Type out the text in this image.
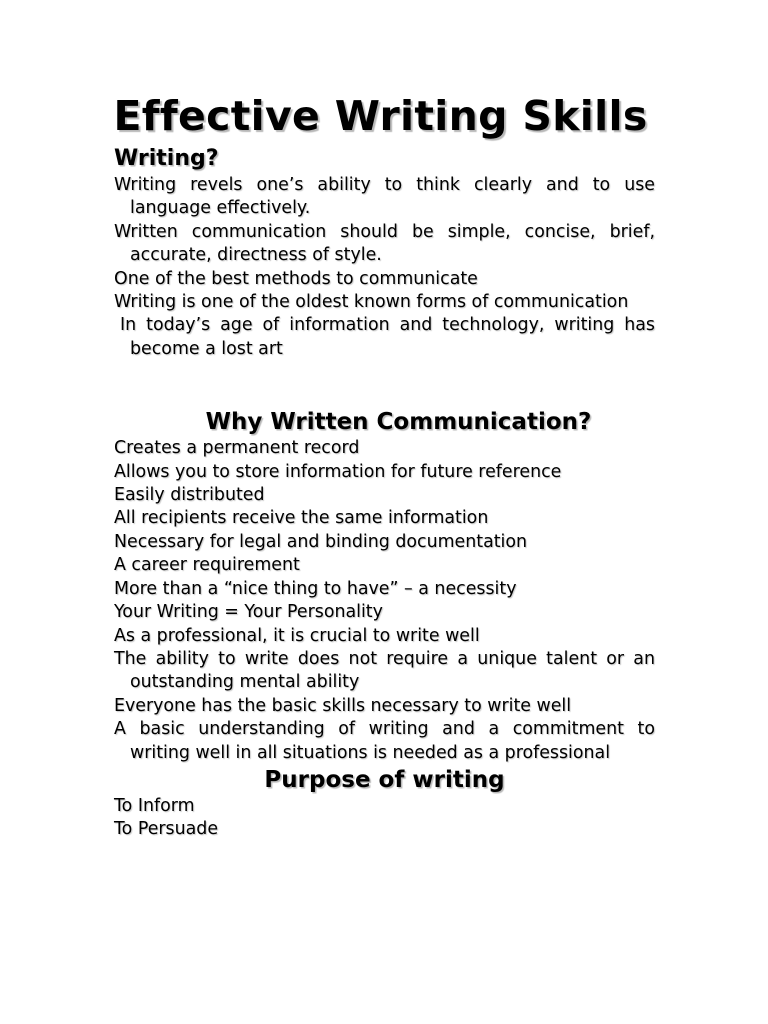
Effective Writing Skills
Writing?

Writing revels one’s ability to think clearly and to use language effectively.

Written communication should be simple, concise, brief, accurate, directness of style.

One of the best methods to communicate

Writing is one of the oldest known forms of communication

In today’s age of information and technology, writing has become a lost art

Why Written Communication?

Creates a permanent record

Allows you to store information for future reference

Easily distributed

All recipients receive the same information

Necessary for legal and binding documentation

A career requirement

More than a “nice thing to have” – a necessity

Your Writing = Your Personality

As a professional, it is crucial to write well

The ability to write does not require a unique talent or an outstanding mental ability

Everyone has the basic skills necessary to write well

A basic understanding of writing and a commitment to writing well in all situations is needed as a professional

Purpose of writing

To Inform

To Persuade
